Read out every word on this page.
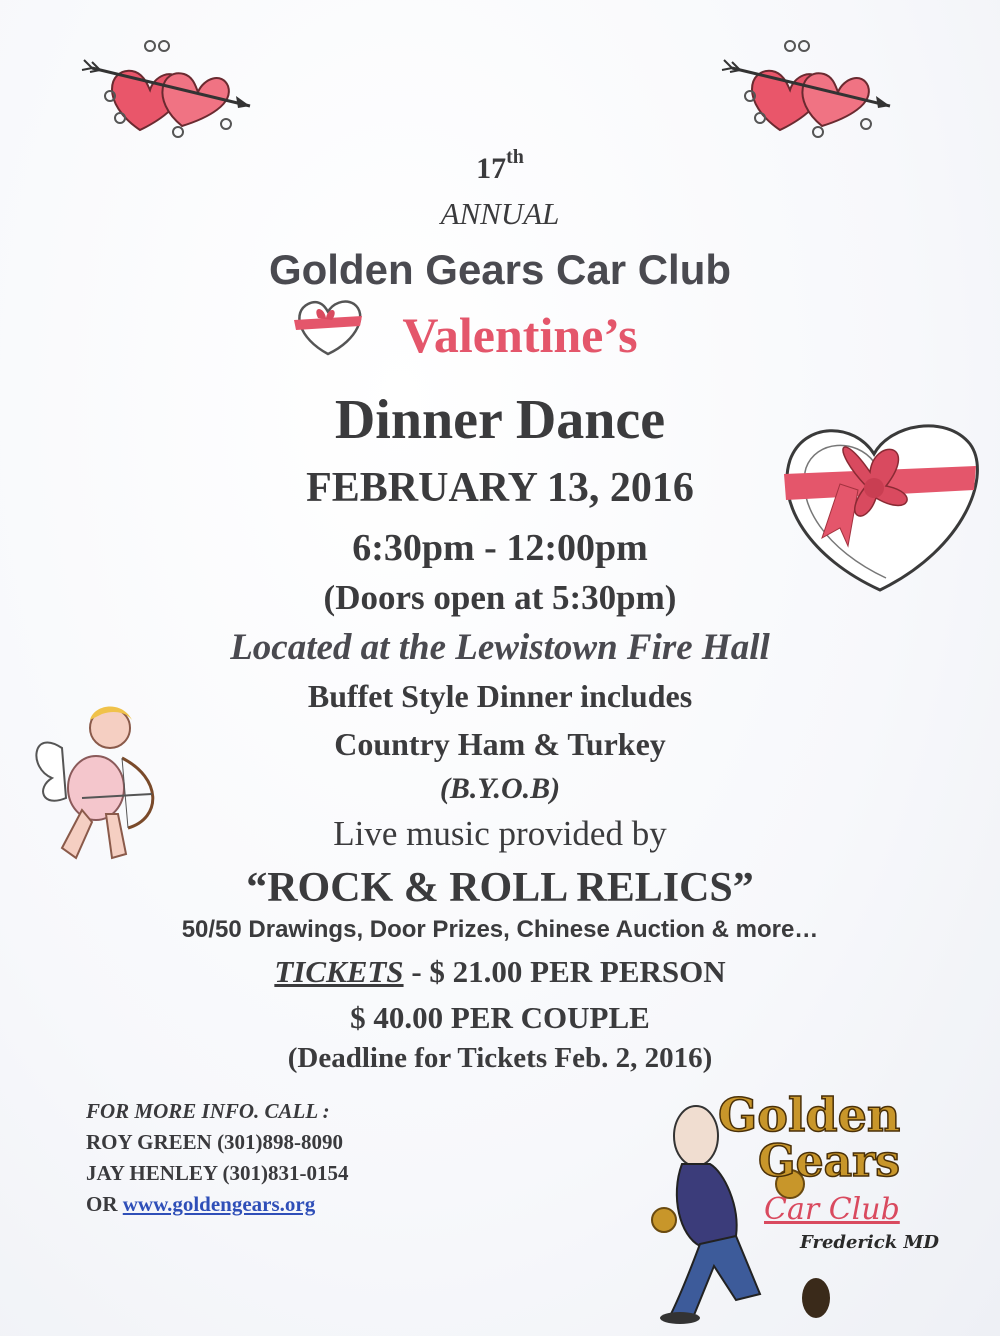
17th
ANNUAL
Golden Gears Car Club
Valentine’s
Dinner Dance
FEBRUARY 13, 2016
6:30pm - 12:00pm
(Doors open at 5:30pm)
Located at the Lewistown Fire Hall
Buffet Style Dinner includes
Country Ham & Turkey
(B.Y.O.B)
Live music provided by
“ROCK & ROLL RELICS”
50/50 Drawings, Door Prizes, Chinese Auction & more…
TICKETS - $ 21.00 PER PERSON
$ 40.00 PER COUPLE
(Deadline for Tickets Feb. 2, 2016)
FOR MORE INFO. CALL :
ROY GREEN (301)898-8090
JAY HENLEY (301)831-0154
OR www.goldengears.org
Golden
Gears
Car Club
Frederick MD
